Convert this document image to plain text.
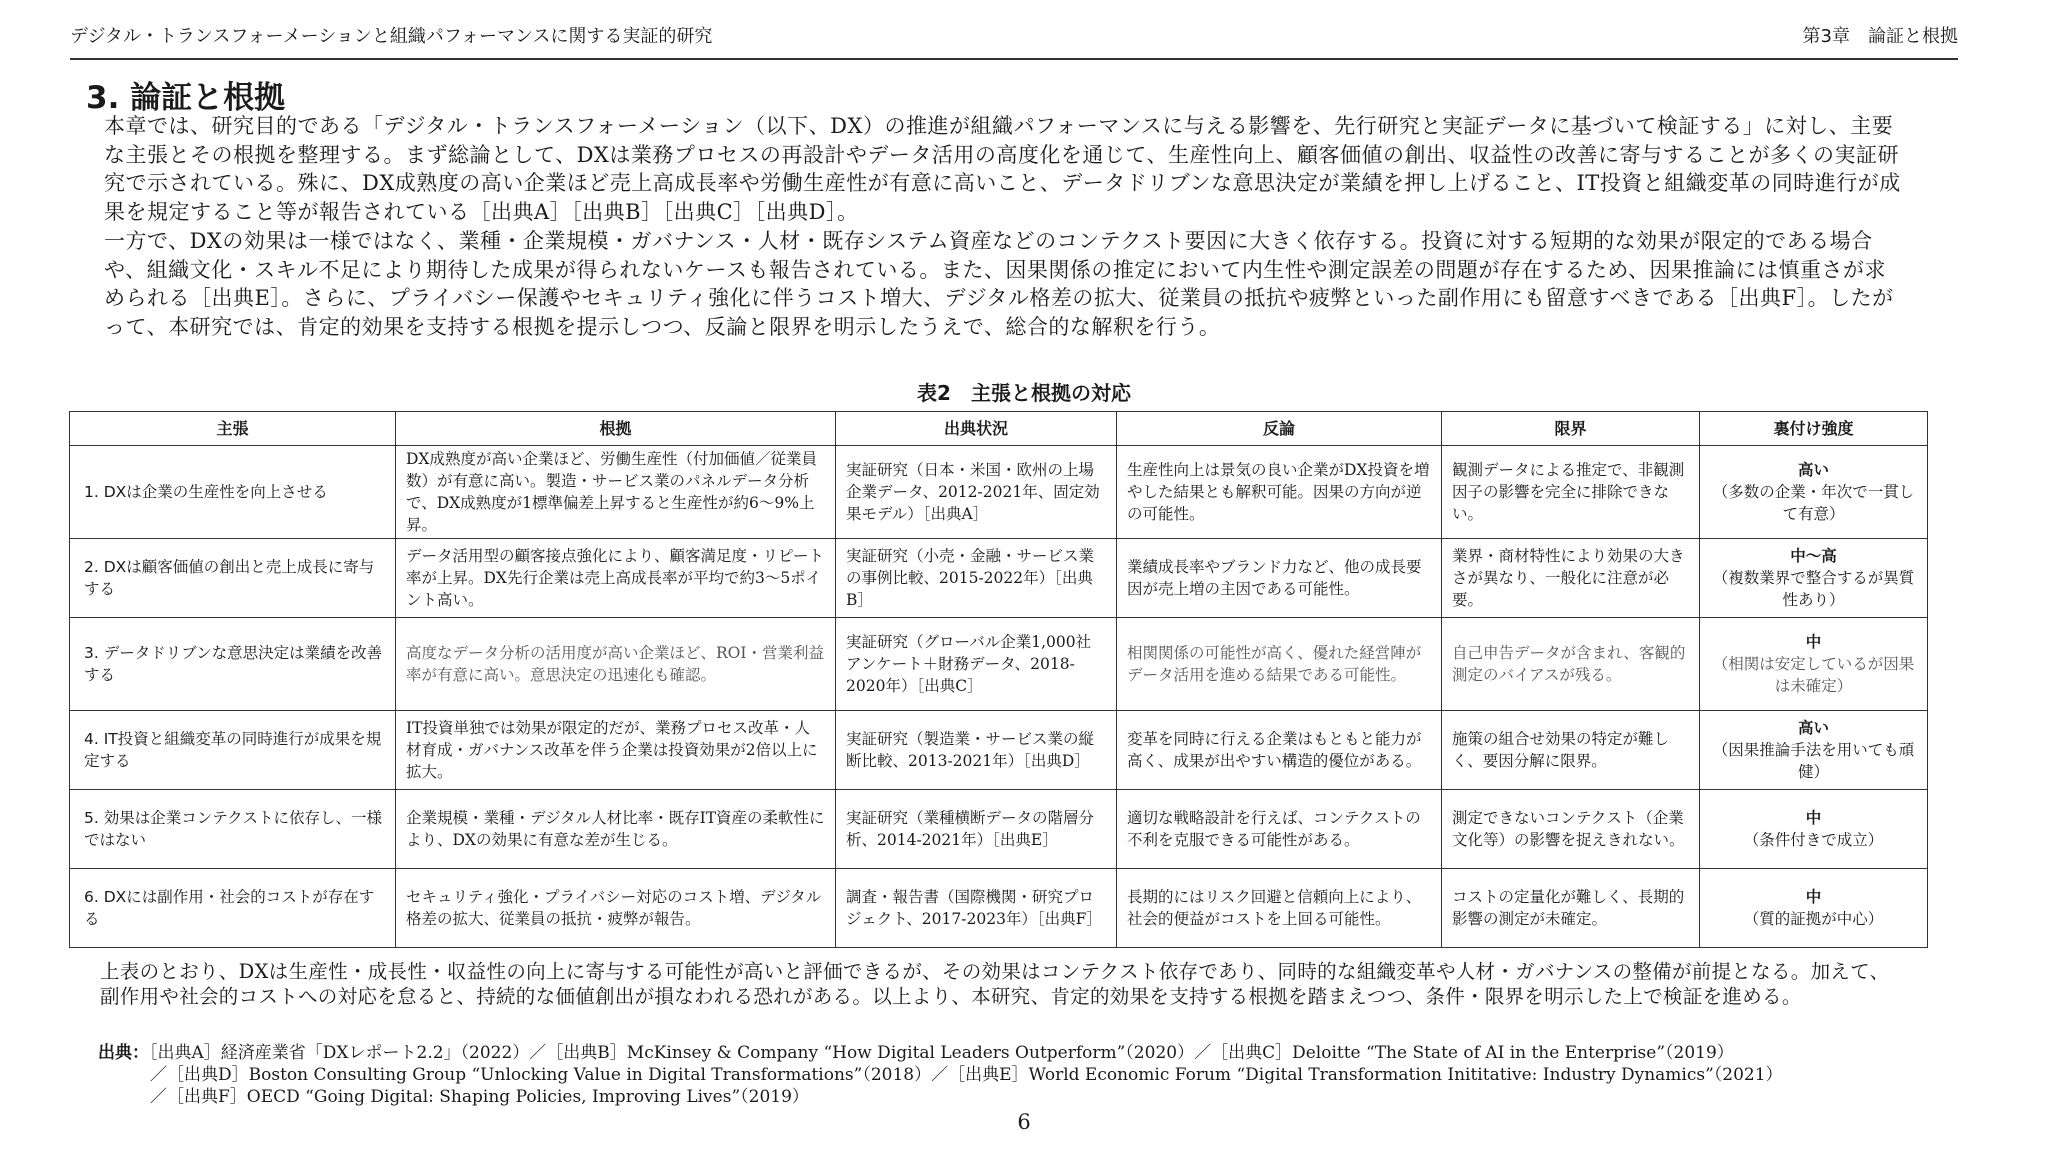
デジタル・トランスフォーメーションと組織パフォーマンスに関する実証的研究	第3章　論証と根拠
3. 論証と根拠

本章では、研究目的である「デジタル・トランスフォーメーション（以下、DX）の推進が組織パフォーマンスに与える影響を、先行研究と実証データに基づいて検証する」に対し、主要な主張とその根拠を整理する。まず総論として、DXは業務プロセスの再設計やデータ活用の高度化を通じて、生産性向上、顧客価値の創出、収益性の改善に寄与することが多くの実証研究で示されている。殊に、DX成熟度の高い企業ほど売上高成長率や労働生産性が有意に高いこと、データドリブンな意思決定が業績を押し上げること、IT投資と組織変革の同時進行が成果を規定すること等が報告されている［出典A］［出典B］［出典C］［出典D］。

一方で、DXの効果は一様ではなく、業種・企業規模・ガバナンス・人材・既存システム資産などのコンテクスト要因に大きく依存する。投資に対する短期的な効果が限定的である場合や、組織文化・スキル不足により期待した成果が得られないケースも報告されている。また、因果関係の推定において内生性や測定誤差の問題が存在するため、因果推論には慎重さが求められる［出典E］。さらに、プライバシー保護やセキュリティ強化に伴うコスト増大、デジタル格差の拡大、従業員の抵抗や疲弊といった副作用にも留意すべきである［出典F］。したがって、本研究では、肯定的効果を支持する根拠を提示しつつ、反論と限界を明示したうえで、総合的な解釈を行う。

表2　主張と根拠の対応
主張	根拠	出典状況	反論	限界	裏付け強度
1. DXは企業の生産性を向上させる	DX成熟度が高い企業ほど、労働生産性（付加価値／従業員数）が有意に高い。製造・サービス業のパネルデータ分析で、DX成熟度が1標準偏差上昇すると生産性が約6～9%上昇。	実証研究（日本・米国・欧州の上場企業データ、2012-2021年、固定効果モデル）［出典A］	生産性向上は景気の良い企業がDX投資を増やした結果とも解釈可能。因果の方向が逆の可能性。	観測データによる推定で、非観測因子の影響を完全に排除できない。	高い
（多数の企業・年次で一貫して有意）
2. DXは顧客価値の創出と売上成長に寄与する	データ活用型の顧客接点強化により、顧客満足度・リピート率が上昇。DX先行企業は売上高成長率が平均で約3～5ポイント高い。	実証研究（小売・金融・サービス業の事例比較、2015-2022年）［出典B］	業績成長率やブランド力など、他の成長要因が売上増の主因である可能性。	業界・商材特性により効果の大きさが異なり、一般化に注意が必要。	中～高
（複数業界で整合するが異質性あり）
3. データドリブンな意思決定は業績を改善する	高度なデータ分析の活用度が高い企業ほど、ROI・営業利益率が有意に高い。意思決定の迅速化も確認。	実証研究（グローバル企業1,000社アンケート＋財務データ、2018-2020年）［出典C］	相関関係の可能性が高く、優れた経営陣がデータ活用を進める結果である可能性。	自己申告データが含まれ、客観的測定のバイアスが残る。	中
（相関は安定しているが因果は未確定）
4. IT投資と組織変革の同時進行が成果を規定する	IT投資単独では効果が限定的だが、業務プロセス改革・人材育成・ガバナンス改革を伴う企業は投資効果が2倍以上に拡大。	実証研究（製造業・サービス業の縦断比較、2013-2021年）［出典D］	変革を同時に行える企業はもともと能力が高く、成果が出やすい構造的優位がある。	施策の組合せ効果の特定が難しく、要因分解に限界。	高い
（因果推論手法を用いても頑健）
5. 効果は企業コンテクストに依存し、一様ではない	企業規模・業種・デジタル人材比率・既存IT資産の柔軟性により、DXの効果に有意な差が生じる。	実証研究（業種横断データの階層分析、2014-2021年）［出典E］	適切な戦略設計を行えば、コンテクストの不利を克服できる可能性がある。	測定できないコンテクスト（企業文化等）の影響を捉えきれない。	中
（条件付きで成立）
6. DXには副作用・社会的コストが存在する	セキュリティ強化・プライバシー対応のコスト増、デジタル格差の拡大、従業員の抵抗・疲弊が報告。	調査・報告書（国際機関・研究プロジェクト、2017-2023年）［出典F］	長期的にはリスク回避と信頼向上により、社会的便益がコストを上回る可能性。	コストの定量化が難しく、長期的影響の測定が未確定。	中
（質的証拠が中心）

上表のとおり、DXは生産性・成長性・収益性の向上に寄与する可能性が高いと評価できるが、その効果はコンテクスト依存であり、同時的な組織変革や人材・ガバナンスの整備が前提となる。加えて、副作用や社会的コストへの対応を怠ると、持続的な価値創出が損なわれる恐れがある。以上より、本研究、肯定的効果を支持する根拠を踏まえつつ、条件・限界を明示した上で検証を進める。

出典：［出典A］経済産業省「DXレポート2.2」（2022）／［出典B］McKinsey & Company “How Digital Leaders Outperform”（2020）／［出典C］Deloitte “The State of AI in the Enterprise”（2019）
／［出典D］Boston Consulting Group “Unlocking Value in Digital Transformations”（2018）／［出典E］World Economic Forum “Digital Transformation Inititative: Industry Dynamics”（2021）
／［出典F］OECD “Going Digital: Shaping Policies, Improving Lives”（2019）
6
